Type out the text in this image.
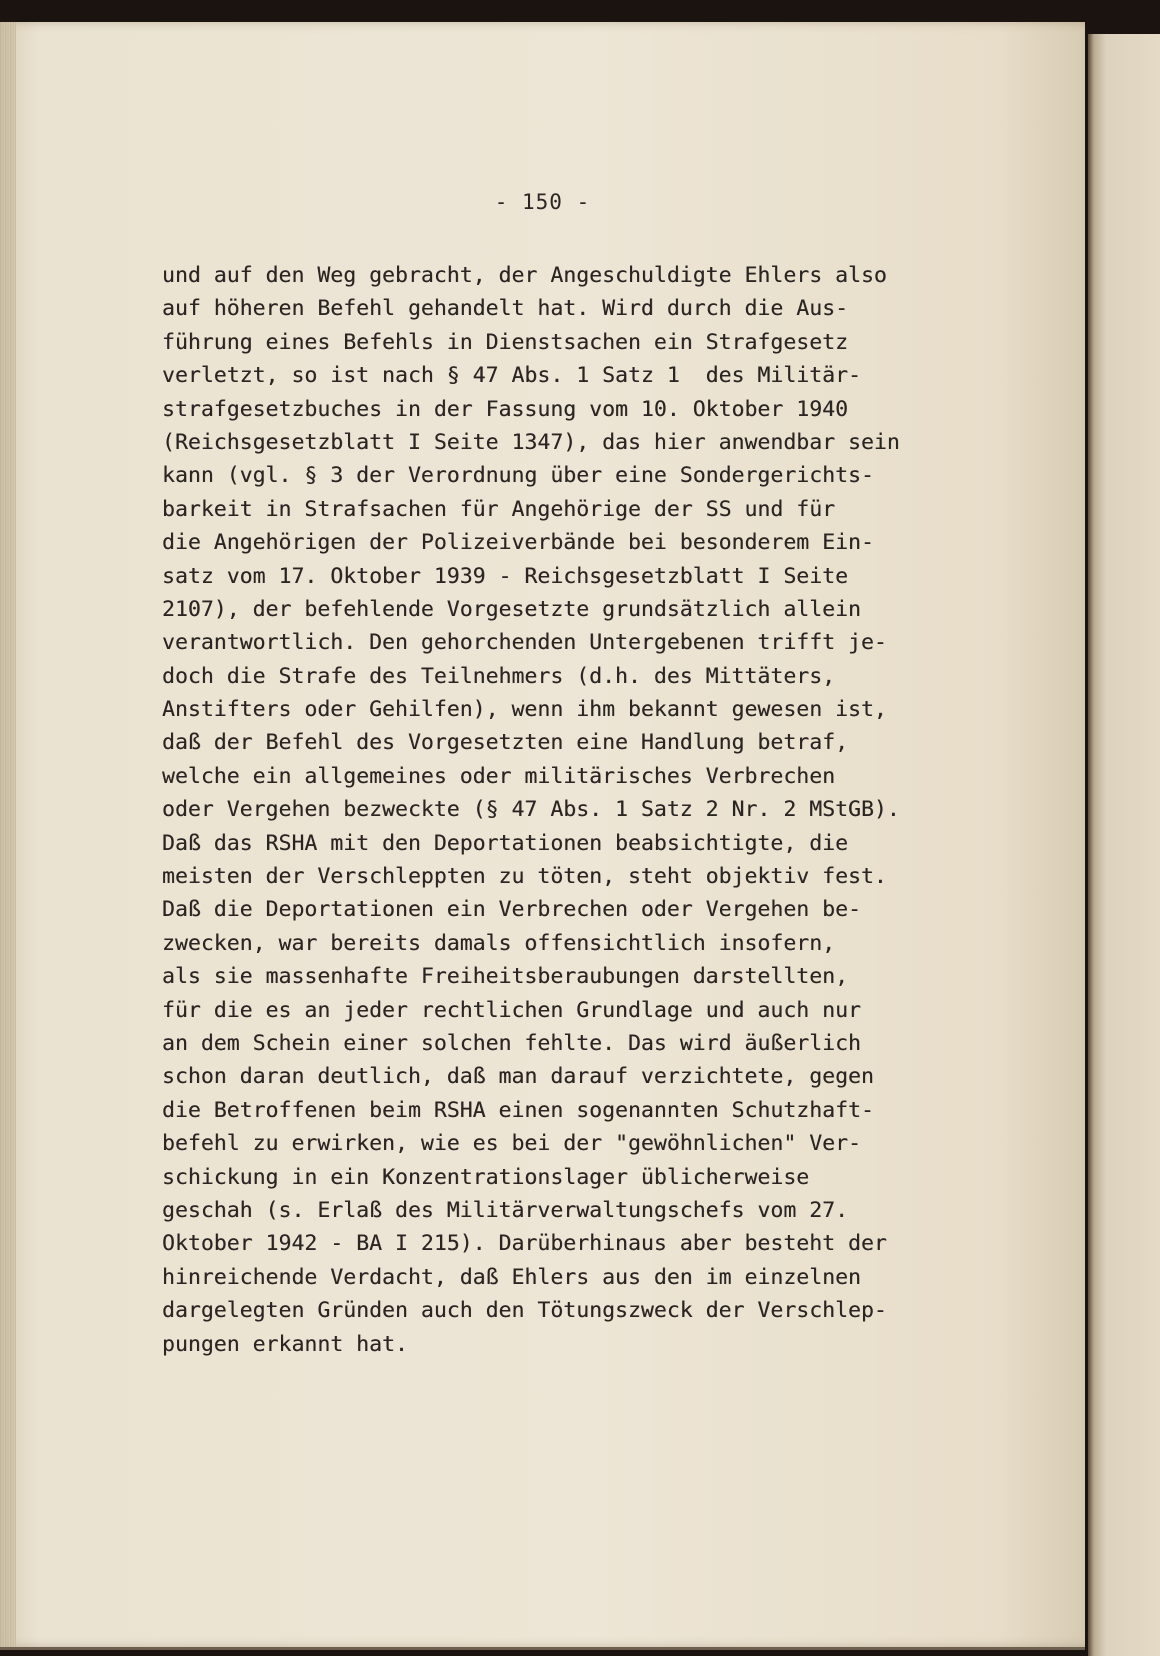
- 150 -
und auf den Weg gebracht, der Angeschuldigte Ehlers also
auf höheren Befehl gehandelt hat. Wird durch die Aus-
führung eines Befehls in Dienstsachen ein Strafgesetz
verletzt, so ist nach § 47 Abs. 1 Satz 1  des Militär-
strafgesetzbuches in der Fassung vom 10. Oktober 1940
(Reichsgesetzblatt I Seite 1347), das hier anwendbar sein
kann (vgl. § 3 der Verordnung über eine Sondergerichts-
barkeit in Strafsachen für Angehörige der SS und für
die Angehörigen der Polizeiverbände bei besonderem Ein-
satz vom 17. Oktober 1939 - Reichsgesetzblatt I Seite
2107), der befehlende Vorgesetzte grundsätzlich allein
verantwortlich. Den gehorchenden Untergebenen trifft je-
doch die Strafe des Teilnehmers (d.h. des Mittäters,
Anstifters oder Gehilfen), wenn ihm bekannt gewesen ist,
daß der Befehl des Vorgesetzten eine Handlung betraf,
welche ein allgemeines oder militärisches Verbrechen
oder Vergehen bezweckte (§ 47 Abs. 1 Satz 2 Nr. 2 MStGB).
Daß das RSHA mit den Deportationen beabsichtigte, die
meisten der Verschleppten zu töten, steht objektiv fest.
Daß die Deportationen ein Verbrechen oder Vergehen be-
zwecken, war bereits damals offensichtlich insofern,
als sie massenhafte Freiheitsberaubungen darstellten,
für die es an jeder rechtlichen Grundlage und auch nur
an dem Schein einer solchen fehlte. Das wird äußerlich
schon daran deutlich, daß man darauf verzichtete, gegen
die Betroffenen beim RSHA einen sogenannten Schutzhaft-
befehl zu erwirken, wie es bei der "gewöhnlichen" Ver-
schickung in ein Konzentrationslager üblicherweise
geschah (s. Erlaß des Militärverwaltungschefs vom 27.
Oktober 1942 - BA I 215). Darüberhinaus aber besteht der
hinreichende Verdacht, daß Ehlers aus den im einzelnen
dargelegten Gründen auch den Tötungszweck der Verschlep-
pungen erkannt hat.
